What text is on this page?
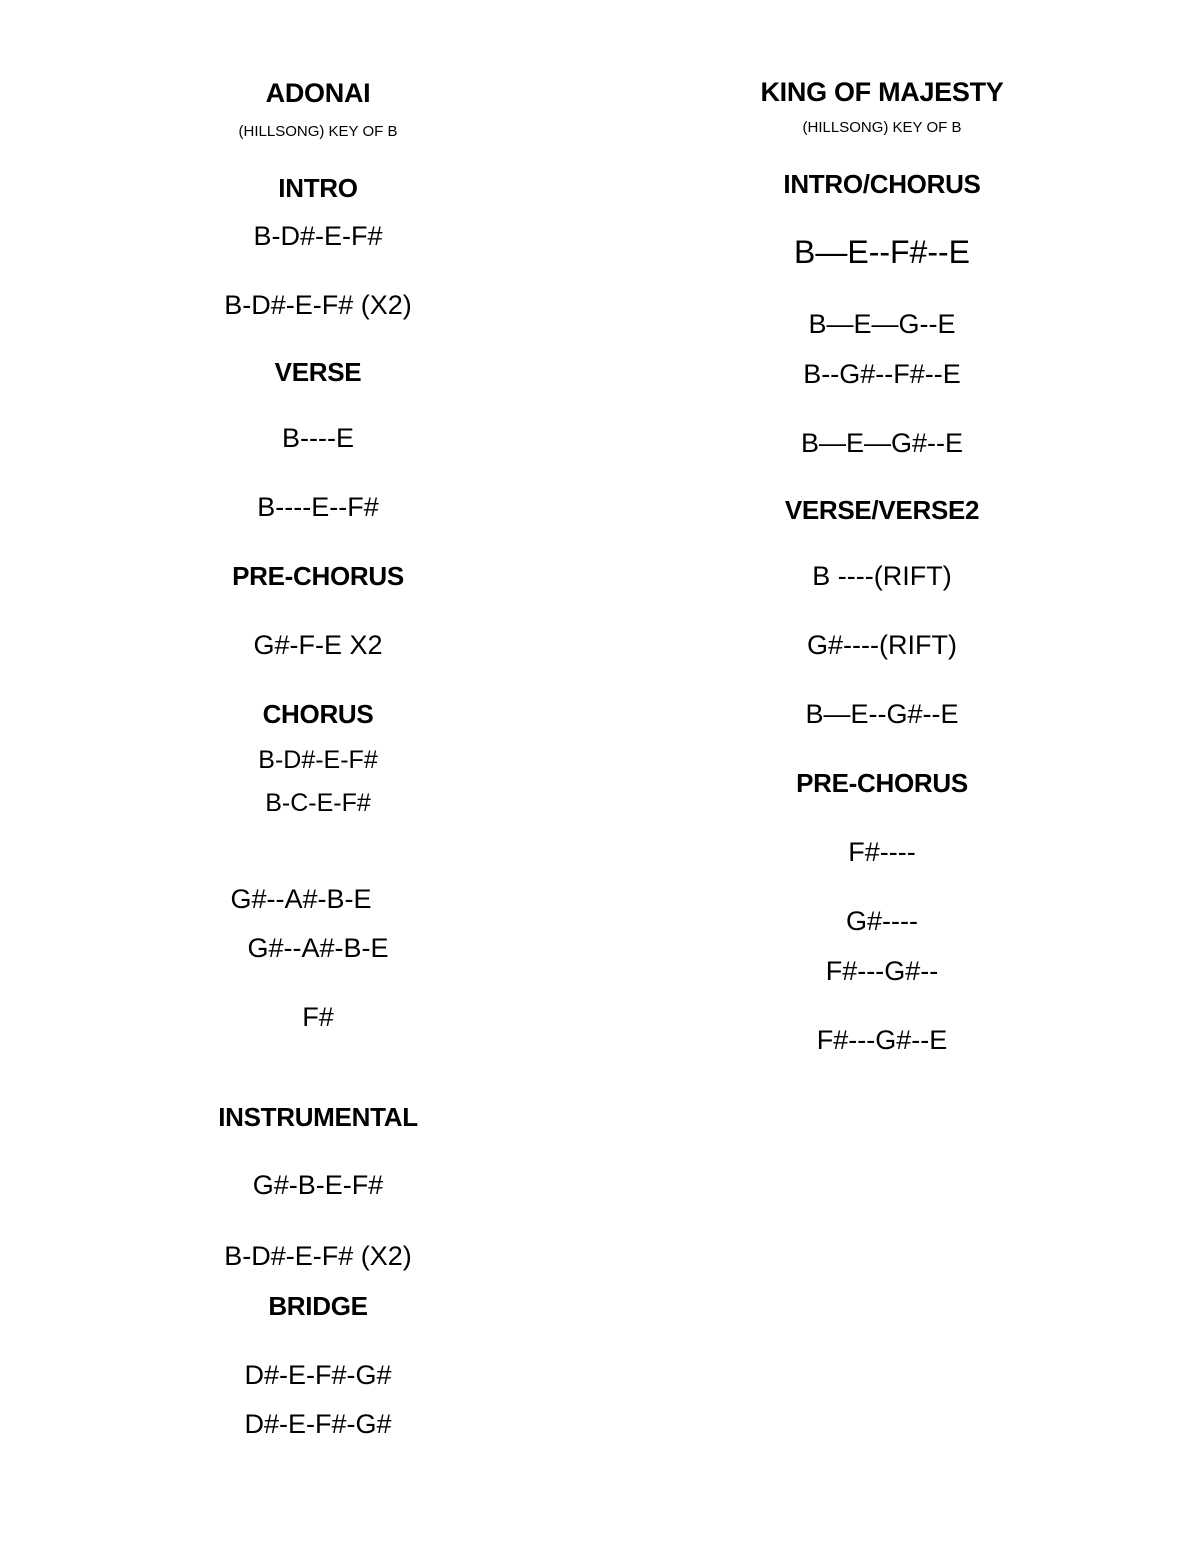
ADONAI
(HILLSONG) KEY OF B
INTRO
B-D#-E-F#
B-D#-E-F# (X2)
VERSE
B----E
B----E--F#
PRE-CHORUS
G#-F-E X2
CHORUS
B-D#-E-F#
B-C-E-F#
G#--A#-B-E
G#--A#-B-E
F#
INSTRUMENTAL
G#-B-E-F#
B-D#-E-F# (X2)
BRIDGE
D#-E-F#-G#
D#-E-F#-G#
KING OF MAJESTY
(HILLSONG) KEY OF B
INTRO/CHORUS
B—E--F#--E
B—E—G--E
B--G#--F#--E
B—E—G#--E
VERSE/VERSE2
B ----(RIFT)
G#----(RIFT)
B—E--G#--E
PRE-CHORUS
F#----
G#----
F#---G#--
F#---G#--E
